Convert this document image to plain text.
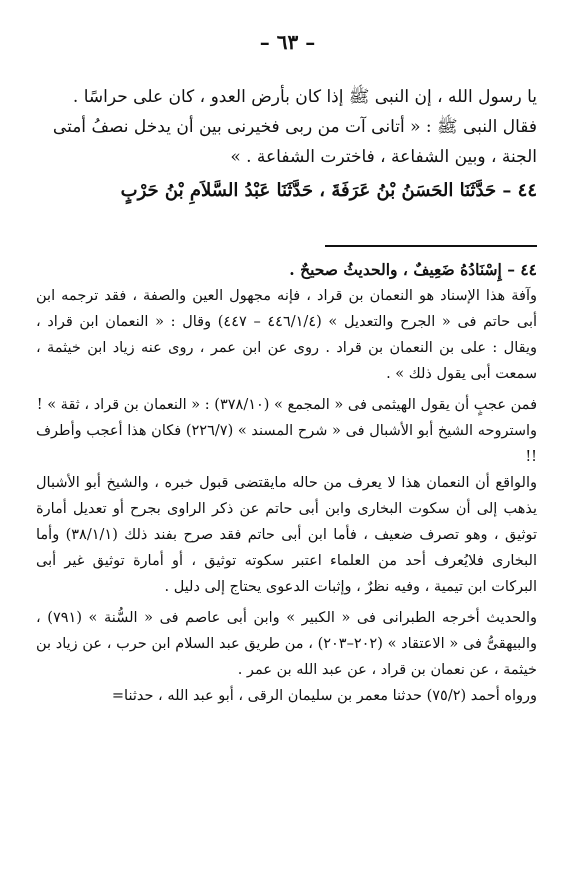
– ٦٣ –

يا رسول الله ، إن النبى ﷺ إذا كان بأرض العدو ، كان على حراسًا .

فقال النبى ﷺ : « أتانى آت من ربى فخيرنى بين أن يدخل نصفُ أمتى

الجنة ، وبين الشفاعة ، فاخترت الشفاعة . »

٤٤ – حَدَّثَنَا الحَسَنُ بْنُ عَرَفَةَ ، حَدَّثَنَا عَبْدُ السَّلاَمِ بْنُ حَرْبٍ

٤٤ – إِسْنَادُهُ ضَعِيفٌ ، والحديثُ صحيحٌ .

وآفة هذا الإسناد هو النعمان بن قراد ، فإنه مجهول العين والصفة ، فقد ترجمه ابن أبى حاتم فى « الجرح والتعديل » (٤٤٦/١/٤ – ٤٤٧) وقال : « النعمان ابن قراد ، ويقال : على بن النعمان بن قراد . روى عن ابن عمر ، روى عنه زياد ابن خيثمة ، سمعت أبى يقول ذلك » .

فمن عجبٍ أن يقول الهيثمى فى « المجمع » (٣٧٨/١٠) : « النعمان بن قراد ، ثقة » !

واستروحه الشيخ أبو الأشبال فى « شرح المسند » (٢٢٦/٧) فكان هذا أعجب وأطرف !!

والواقع أن النعمان هذا لا يعرف من حاله مايقتضى قبول خبره ، والشيخ أبو الأشبال يذهب إلى أن سكوت البخارى وابن أبى حاتم عن ذكر الراوى بجرح أو تعديل أمارة توثيق ، وهو تصرف ضعيف ، فأما ابن أبى حاتم فقد صرح بفند ذلك (٣٨/١/١) وأما البخارى فلايُعرف أحد من العلماء اعتبر سكوته توثيق ، أو أمارة توثيق غير أبى البركات ابن تيمية ، وفيه نظرٌ ، وإثبات الدعوى يحتاج إلى دليل .

والحديث أخرجه الطبرانى فى « الكبير » وابن أبى عاصم فى « السُّنة » (٧٩١) ، والبيهقىُّ فى « الاعتقاد » (٢٠٢–٢٠٣) ، من طريق عبد السلام ابن حرب ، عن زياد بن خيثمة ، عن نعمان بن قراد ، عن عبد الله بن عمر .

ورواه أحمد (٧٥/٢) حدثنا معمر بن سليمان الرقى ، أبو عبد الله ، حدثنا=
